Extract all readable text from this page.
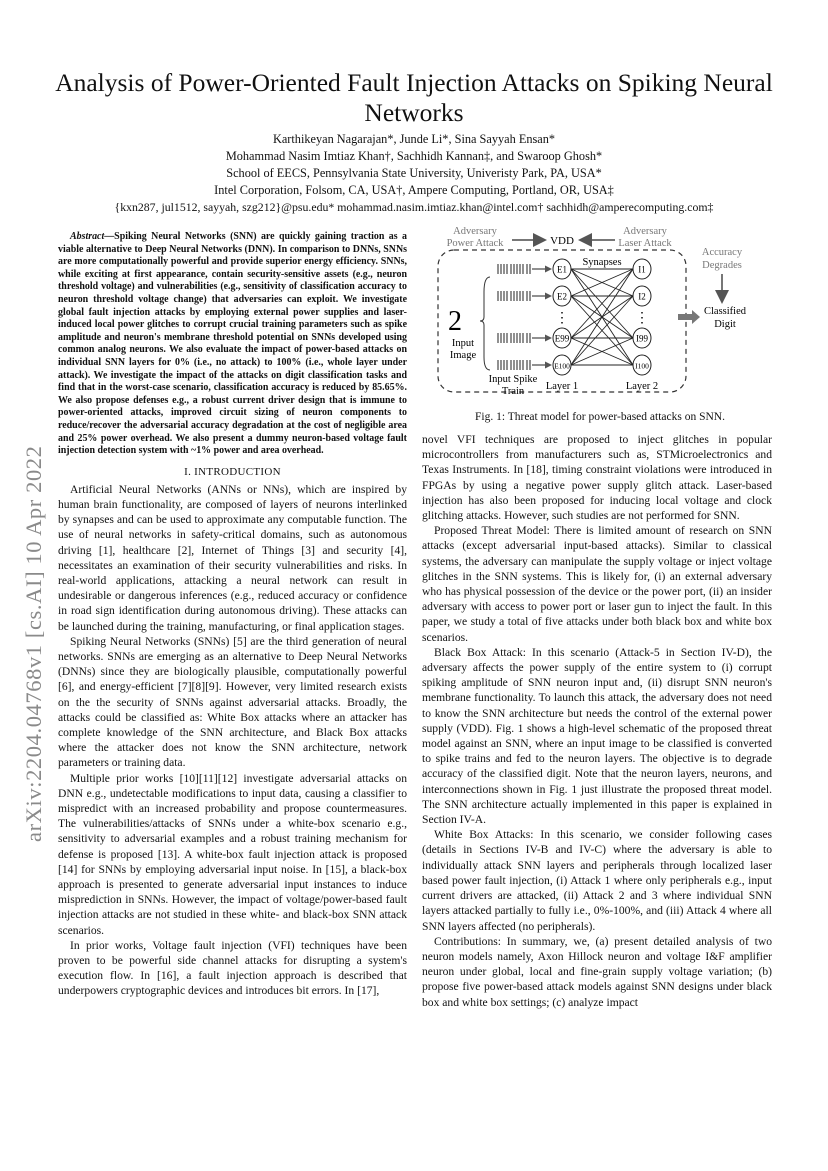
arXiv:2204.04768v1 [cs.AI] 10 Apr 2022
Analysis of Power-Oriented Fault Injection Attacks on Spiking Neural Networks
Karthikeyan Nagarajan*, Junde Li*, Sina Sayyah Ensan*
Mohammad Nasim Imtiaz Khan†, Sachhidh Kannan‡, and Swaroop Ghosh*
School of EECS, Pennsylvania State University, Univeristy Park, PA, USA*
Intel Corporation, Folsom, CA, USA†, Ampere Computing, Portland, OR, USA‡
{kxn287, jul1512, sayyah, szg212}@psu.edu* mohammad.nasim.imtiaz.khan@intel.com† sachhidh@amperecomputing.com‡

Abstract—Spiking Neural Networks (SNN) are quickly gaining traction as a viable alternative to Deep Neural Networks (DNN). In comparison to DNNs, SNNs are more computationally powerful and provide superior energy efficiency. SNNs, while exciting at first appearance, contain security-sensitive assets (e.g., neuron threshold voltage) and vulnerabilities (e.g., sensitivity of classification accuracy to neuron threshold voltage change) that adversaries can exploit. We investigate global fault injection attacks by employing external power supplies and laser-induced local power glitches to corrupt crucial training parameters such as spike amplitude and neuron's membrane threshold potential on SNNs developed using common analog neurons. We also evaluate the impact of power-based attacks on individual SNN layers for 0% (i.e., no attack) to 100% (i.e., whole layer under attack). We investigate the impact of the attacks on digit classification tasks and find that in the worst-case scenario, classification accuracy is reduced by 85.65%. We also propose defenses e.g., a robust current driver design that is immune to power-oriented attacks, improved circuit sizing of neuron components to reduce/recover the adversarial accuracy degradation at the cost of negligible area and 25% power overhead. We also present a dummy neuron-based voltage fault injection detection system with ~1% power and area overhead.

I. INTRODUCTION

Artificial Neural Networks (ANNs or NNs), which are inspired by human brain functionality, are composed of layers of neurons interlinked by synapses and can be used to approximate any computable function. The use of neural networks in safety-critical domains, such as autonomous driving [1], healthcare [2], Internet of Things [3] and security [4], necessitates an examination of their security vulnerabilities and risks. In real-world applications, attacking a neural network can result in undesirable or dangerous inferences (e.g., reduced accuracy or confidence in road sign identification during autonomous driving). These attacks can be launched during the training, manufacturing, or final application stages.

Spiking Neural Networks (SNNs) [5] are the third generation of neural networks. SNNs are emerging as an alternative to Deep Neural Networks (DNNs) since they are biologically plausible, computationally powerful [6], and energy-efficient [7][8][9]. However, very limited research exists on the the security of SNNs against adversarial attacks. Broadly, the attacks could be classified as: White Box attacks where an attacker has complete knowledge of the SNN architecture, and Black Box attacks where the attacker does not know the SNN architecture, network parameters or training data.

Multiple prior works [10][11][12] investigate adversarial attacks on DNN e.g., undetectable modifications to input data, causing a classifier to mispredict with an increased probability and propose countermeasures. The vulnerabilities/attacks of SNNs under a white-box scenario e.g., sensitivity to adversarial examples and a robust training mechanism for defense is proposed [13]. A white-box fault injection attack is proposed [14] for SNNs by employing adversarial input noise. In [15], a black-box approach is presented to generate adversarial input instances to induce misprediction in SNNs. However, the impact of voltage/power-based fault injection attacks are not studied in these white- and black-box SNN attack scenarios.

In prior works, Voltage fault injection (VFI) techniques have been proven to be powerful side channel attacks for disrupting a system's execution flow. In [16], a fault injection approach is described that underpowers cryptographic devices and introduces bit errors. In [17],

Adversary
Power Attack
Adversary
Laser Attack
VDD
Synapses
2
Input
Image
Input Spike
Train
E1
E2
E99
E100
I1
I2
I99
I100
⋮	⋮
Layer 1	Layer 2
Accuracy
Degrades
Classified
Digit
Fig. 1: Threat model for power-based attacks on SNN.

novel VFI techniques are proposed to inject glitches in popular microcontrollers from manufacturers such as, STMicroelectronics and Texas Instruments. In [18], timing constraint violations were introduced in FPGAs by using a negative power supply glitch attack. Laser-based injection has also been proposed for inducing local voltage and clock glitching attacks. However, such studies are not performed for SNN.

Proposed Threat Model: There is limited amount of research on SNN attacks (except adversarial input-based attacks). Similar to classical systems, the adversary can manipulate the supply voltage or inject voltage glitches in the SNN systems. This is likely for, (i) an external adversary who has physical possession of the device or the power port, (ii) an insider adversary with access to power port or laser gun to inject the fault. In this paper, we study a total of five attacks under both black box and white box scenarios.

Black Box Attack: In this scenario (Attack-5 in Section IV-D), the adversary affects the power supply of the entire system to (i) corrupt spiking amplitude of SNN neuron input and, (ii) disrupt SNN neuron's membrane functionality. To launch this attack, the adversary does not need to know the SNN architecture but needs the control of the external power supply (VDD). Fig. 1 shows a high-level schematic of the proposed threat model against an SNN, where an input image to be classified is converted to spike trains and fed to the neuron layers. The objective is to degrade accuracy of the classified digit. Note that the neuron layers, neurons, and interconnections shown in Fig. 1 just illustrate the proposed threat model. The SNN architecture actually implemented in this paper is explained in Section IV-A.

White Box Attacks: In this scenario, we consider following cases (details in Sections IV-B and IV-C) where the adversary is able to individually attack SNN layers and peripherals through localized laser based power fault injection, (i) Attack 1 where only peripherals e.g., input current drivers are attacked, (ii) Attack 2 and 3 where individual SNN layers attacked partially to fully i.e., 0%-100%, and (iii) Attack 4 where all SNN layers affected (no peripherals).

Contributions: In summary, we, (a) present detailed analysis of two neuron models namely, Axon Hillock neuron and voltage I&F amplifier neuron under global, local and fine-grain supply voltage variation; (b) propose five power-based attack models against SNN designs under black box and white box settings; (c) analyze impact
